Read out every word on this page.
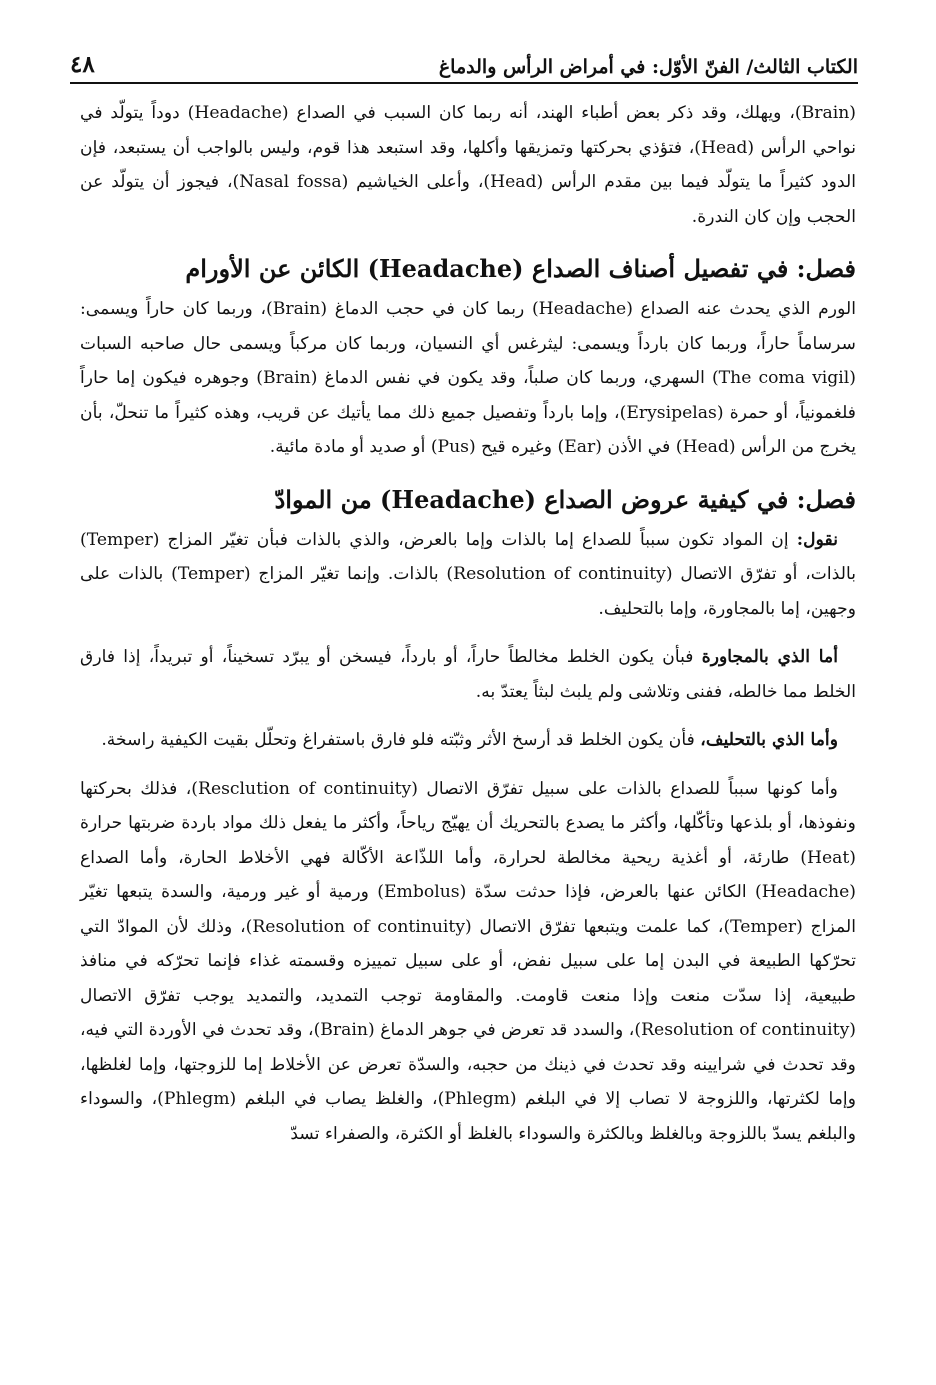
الكتاب الثالث/ الفنّ الأوّل: في أمراض الرأس والدماغ
٤٨

(Brain)، ويهلك، وقد ذكر بعض أطباء الهند، أنه ربما كان السبب في الصداع (Headache) دوداً يتولّد في نواحي الرأس (Head)، فتؤذي بحركتها وتمزيقها وأكلها، وقد استبعد هذا قوم، وليس بالواجب أن يستبعد، فإن الدود كثيراً ما يتولّد فيما بين مقدم الرأس (Head)، وأعلى الخياشيم (Nasal fossa)، فيجوز أن يتولّد عن الحجب وإن كان الندرة.

فصل: في تفصيل أصناف الصداع (Headache) الكائن عن الأورام

الورم الذي يحدث عنه الصداع (Headache) ربما كان في حجب الدماغ (Brain)، وربما كان حاراً ويسمى: سرساماً حاراً، وربما كان بارداً ويسمى: ليثرغس أي النسيان، وربما كان مركباً ويسمى حال صاحبه السبات (The coma vigil) السهري، وربما كان صلباً، وقد يكون في نفس الدماغ (Brain) وجوهره فيكون إما حاراً فلغمونياً، أو حمرة (Erysipelas)، وإما بارداً وتفصيل جميع ذلك مما يأتيك عن قريب، وهذه كثيراً ما تنحلّ، بأن يخرج من الرأس (Head) في الأذن (Ear) وغيره قيح (Pus) أو صديد أو مادة مائية.

فصل: في كيفية عروض الصداع (Headache) من الموادّ

نقول: إن المواد تكون سبباً للصداع إما بالذات وإما بالعرض، والذي بالذات فبأن تغيّر المزاج (Temper) بالذات، أو تفرّق الاتصال (Resolution of continuity) بالذات. وإنما تغيّر المزاج (Temper) بالذات على وجهين، إما بالمجاورة، وإما بالتحليف.

أما الذي بالمجاورة فبأن يكون الخلط مخالطاً حاراً، أو بارداً، فيسخن أو يبرّد تسخيناً، أو تبريداً، إذا فارق الخلط مما خالطه، ففنى وتلاشى ولم يلبث لبثاً يعتدّ به.

وأما الذي بالتحليف، فأن يكون الخلط قد أرسخ الأثر وثبّته فلو فارق باستفراغ وتحلّل بقيت الكيفية راسخة.

وأما كونها سبباً للصداع بالذات على سبيل تفرّق الاتصال (Resclution of continuity)، فذلك بحركتها ونفوذها، أو بلذعها وتأكّلها، وأكثر ما يصدع بالتحريك أن يهيّج رياحاً، وأكثر ما يفعل ذلك مواد باردة ضربتها حرارة (Heat) طارئة، أو أغذية ريحية مخالطة لحرارة، وأما اللذّاعة الأكّالة فهي الأخلاط الحارة، وأما الصداع (Headache) الكائن عنها بالعرض، فإذا حدثت سدّة (Embolus) ورمية أو غير ورمية، والسدة يتبعها تغيّر المزاج (Temper)، كما علمت ويتبعها تفرّق الاتصال (Resolution of continuity)، وذلك لأن الموادّ التي تحرّكها الطبيعة في البدن إما على سبيل نفض، أو على سبيل تمييزه وقسمته غذاء فإنما تحرّكه في منافذ طبيعية، إذا سدّت منعت وإذا منعت قاومت. والمقاومة توجب التمديد، والتمديد يوجب تفرّق الاتصال (Resolution of continuity)، والسدد قد تعرض في جوهر الدماغ (Brain)، وقد تحدث في الأوردة التي فيه، وقد تحدث في شرايينه وقد تحدث في ذينك من حجبه، والسدّة تعرض عن الأخلاط إما للزوجتها، وإما لغلظها، وإما لكثرتها، واللزوجة لا تصاب إلا في البلغم (Phlegm)، والغلظ يصاب في البلغم (Phlegm)، والسوداء والبلغم يسدّ باللزوجة وبالغلظ وبالكثرة والسوداء بالغلظ أو الكثرة، والصفراء تسدّ
